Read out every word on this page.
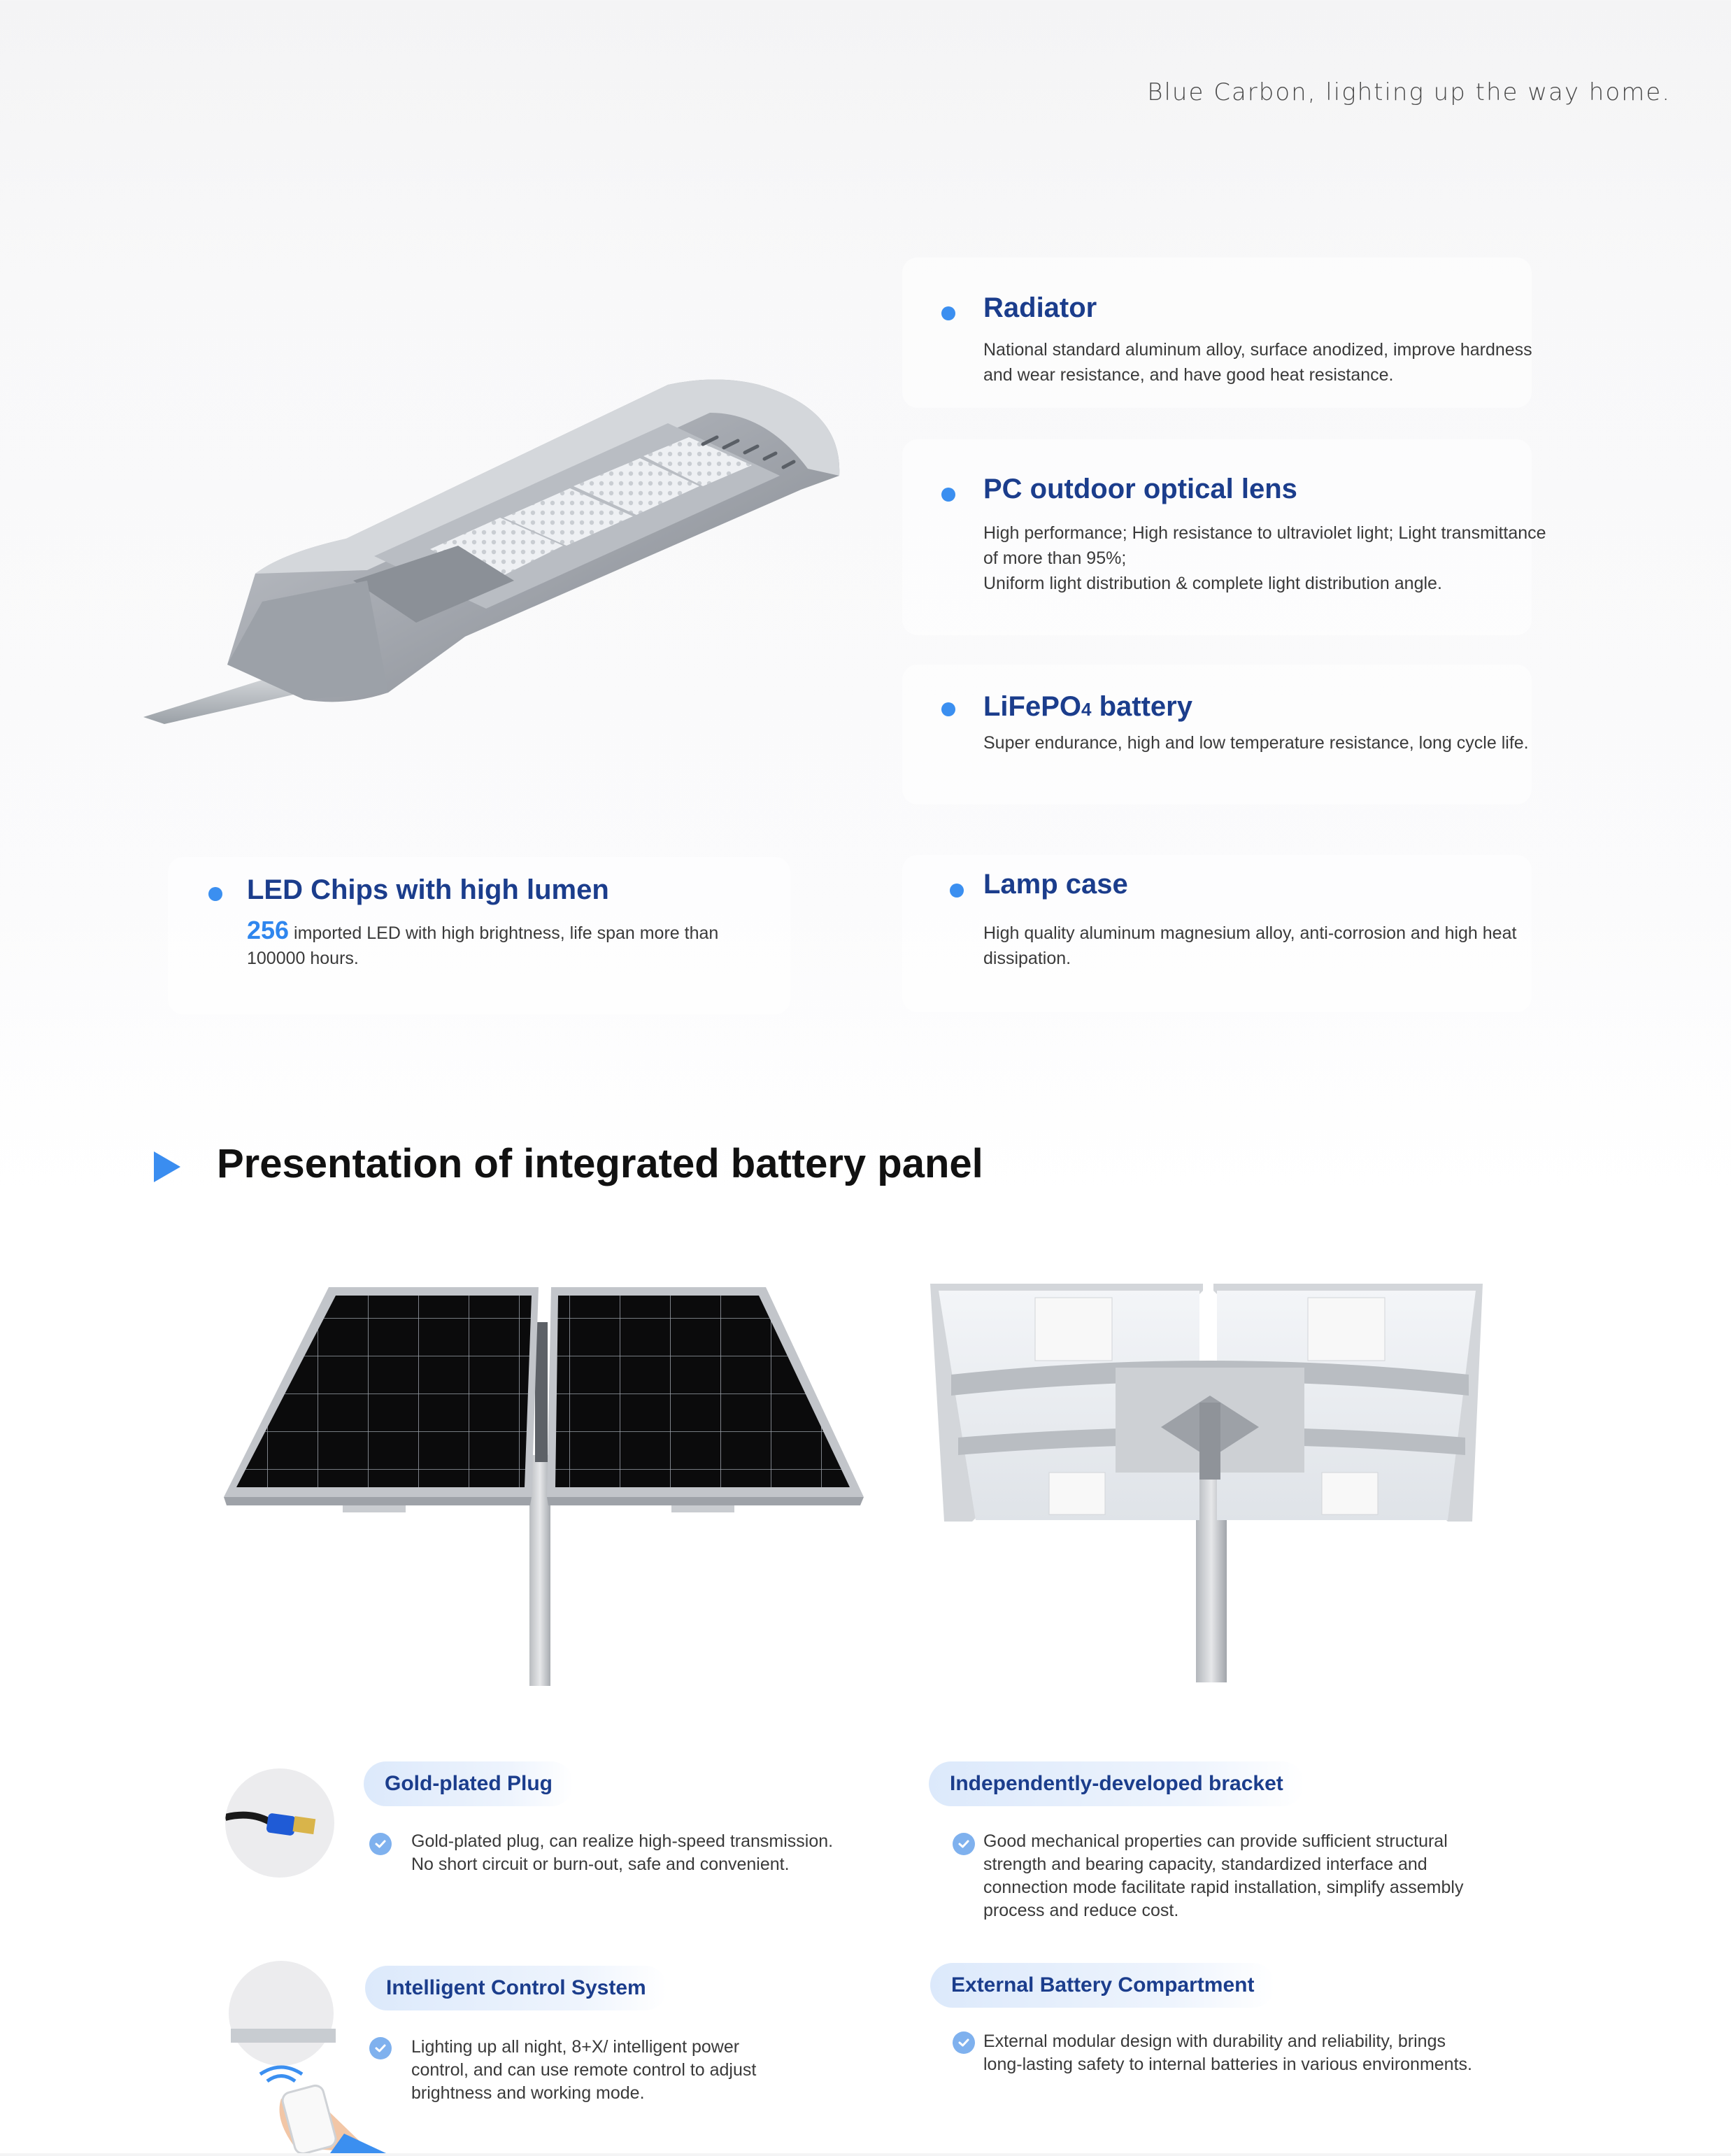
Blue Carbon, lighting up the way home.
Radiator
National standard aluminum alloy, surface anodized, improve hardness
and wear resistance, and have good heat resistance.
PC outdoor optical lens
High performance; High resistance to ultraviolet light; Light transmittance
of more than 95%;
Uniform light distribution & complete light distribution angle.
LiFePO4 battery
Super endurance, high and low temperature resistance, long cycle life.
LED Chips with high lumen
256 imported LED with high brightness, life span more than
100000 hours.
Lamp case
High quality aluminum magnesium alloy, anti-corrosion and high heat
dissipation.
Presentation of integrated battery panel
Gold-plated Plug
Gold-plated plug, can realize high-speed transmission.
No short circuit or burn-out, safe and convenient.
Independently-developed bracket
Good mechanical properties can provide sufficient structural
strength and bearing capacity, standardized interface and
connection mode facilitate rapid installation, simplify assembly
process and reduce cost.
Intelligent Control System
Lighting up all night, 8+X/ intelligent power
control, and can use remote control to adjust
brightness and working mode.
External Battery Compartment
External modular design with durability and reliability, brings
long-lasting safety to internal batteries in various environments.
